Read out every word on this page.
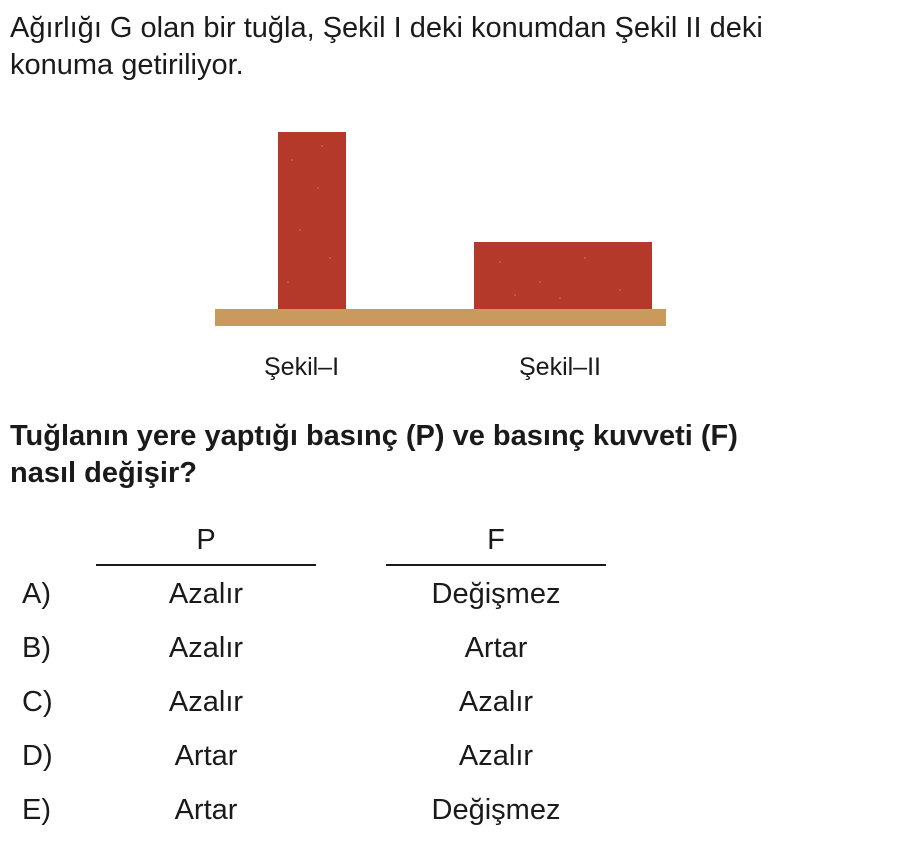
Ağırlığı G olan bir tuğla, Şekil I deki konumdan Şekil II deki
konuma getiriliyor.
Şekil–I	Şekil–II
Tuğlanın yere yaptığı basınç (P) ve basınç kuvveti (F)
nasıl değişir?
P	F
A)	Azalır	Değişmez
B)	Azalır	Artar
C)	Azalır	Azalır
D)	Artar	Azalır
E)	Artar	Değişmez
